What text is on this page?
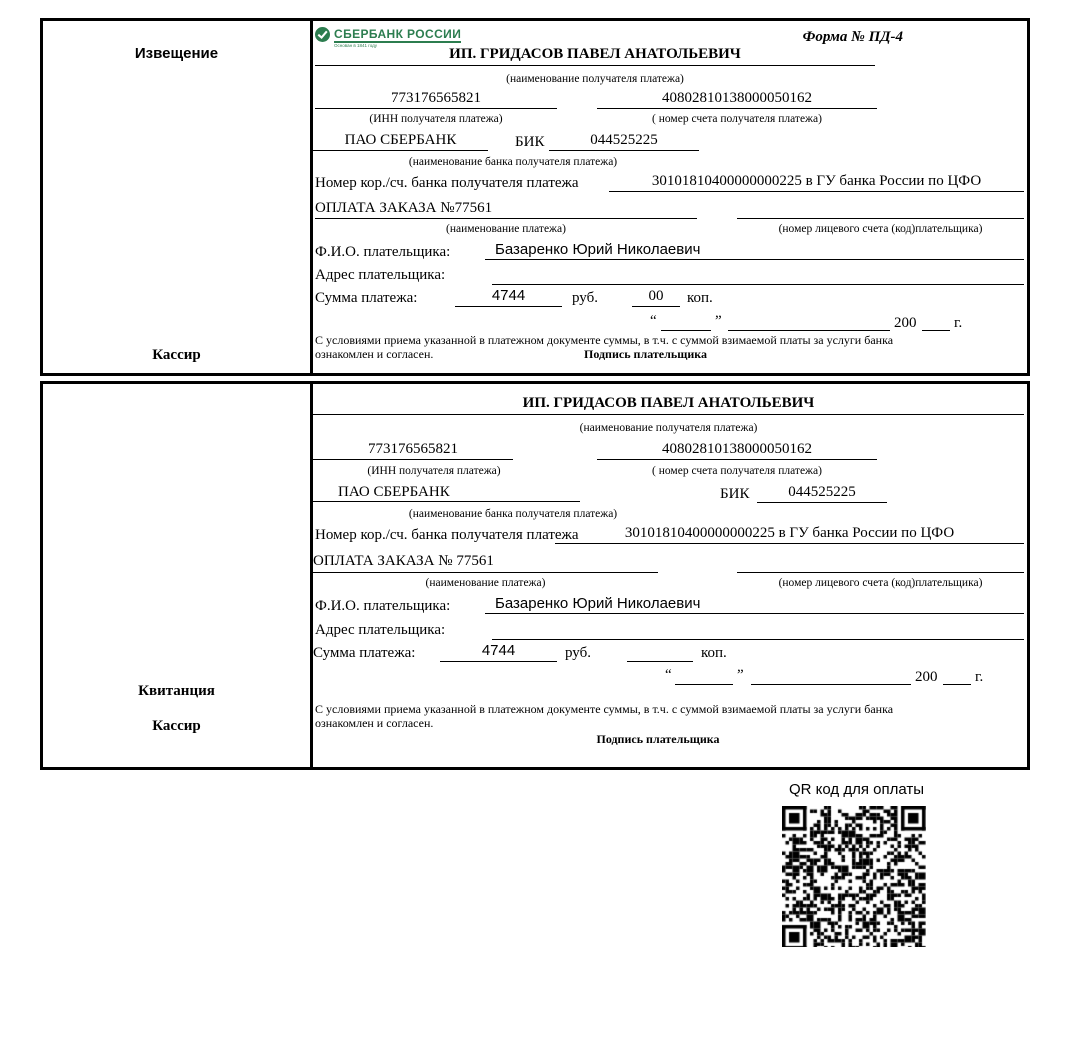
Извещение
Кассир
СБЕРБАНК РОССИИ
Основан в 1841 году
Форма № ПД-4
ИП. ГРИДАСОВ ПАВЕЛ АНАТОЛЬЕВИЧ
(наименование получателя платежа)
773176565821	40802810138000050162
(ИНН получателя платежа)	( номер счета получателя платежа)
ПАО СБЕРБАНК	БИК	044525225
(наименование банка получателя платежа)
Номер кор./сч. банка получателя платежа	30101810400000000225 в ГУ банка России по ЦФО
ОПЛАТА ЗАКАЗА №77561
(наименование платежа)	(номер лицевого счета (код)плательщика)
Ф.И.О. плательщика:	Базаренко Юрий Николаевич
Адрес плательщика:
Сумма платежа:	4744	руб.	00	коп.
“	”	200	г.
С условиями приема указанной в платежном документе суммы, в т.ч. с суммой взимаемой платы за услуги банка
ознакомлен и согласен.	Подпись плательщика
Квитанция
Кассир
ИП. ГРИДАСОВ ПАВЕЛ АНАТОЛЬЕВИЧ
(наименование получателя платежа)
773176565821	40802810138000050162
(ИНН получателя платежа)	( номер счета получателя платежа)
ПАО СБЕРБАНК	БИК	044525225
(наименование банка получателя платежа)
Номер кор./сч. банка получателя платежа	30101810400000000225 в ГУ банка России по ЦФО
ОПЛАТА ЗАКАЗА № 77561
(наименование платежа)	(номер лицевого счета (код)плательщика)
Ф.И.О. плательщика:	Базаренко Юрий Николаевич
Адрес плательщика:
Сумма платежа:	4744	руб.	коп.
“	”	200	г.
С условиями приема указанной в платежном документе суммы, в т.ч. с суммой взимаемой платы за услуги банка
ознакомлен и согласен.
Подпись плательщика
QR код для оплаты
